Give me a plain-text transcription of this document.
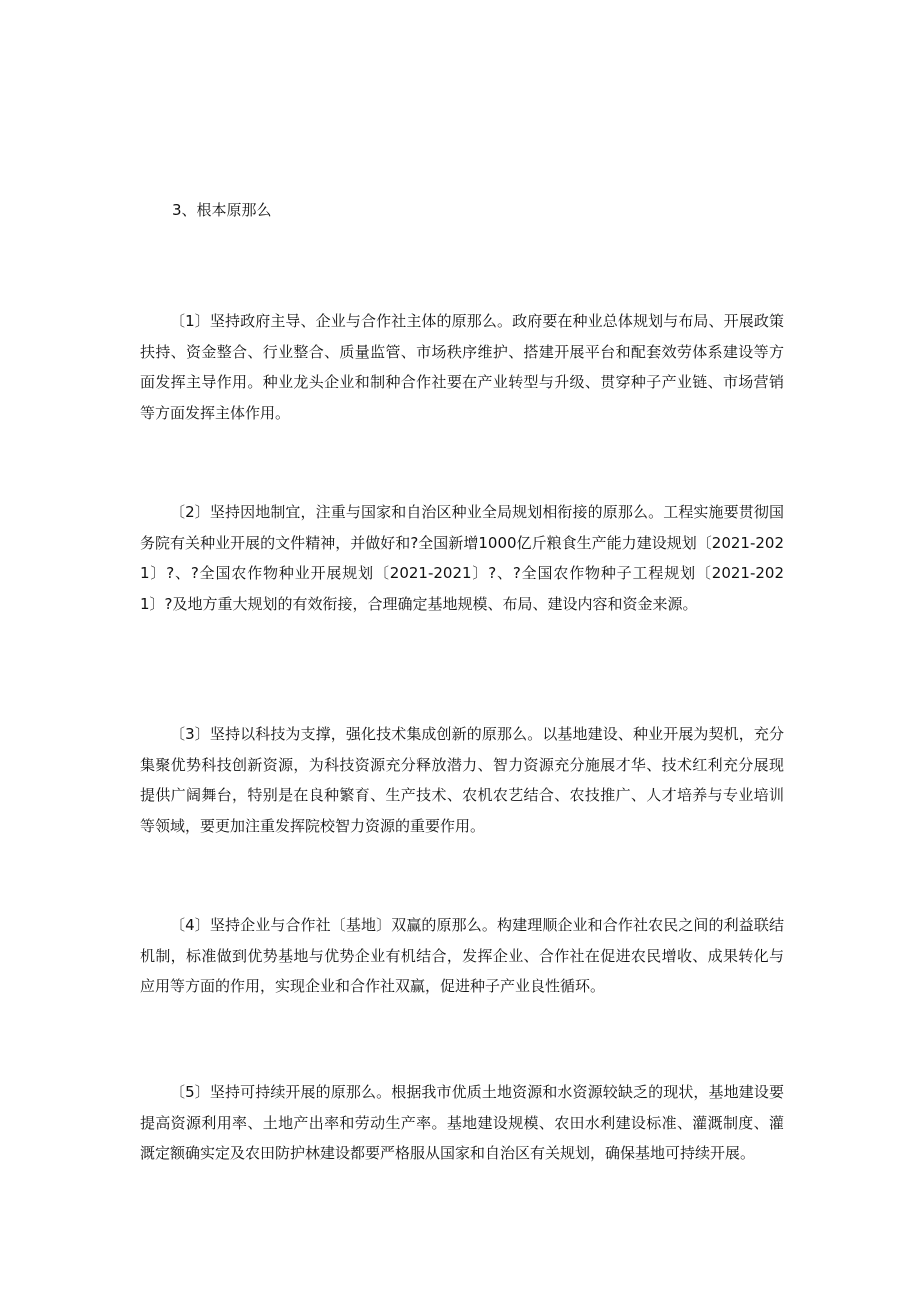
3、根本原那么

〔1〕坚持政府主导、企业与合作社主体的原那么。政府要在种业总体规划与布局、开展政策扶持、资金整合、行业整合、质量监管、市场秩序维护、搭建开展平台和配套效劳体系建设等方面发挥主导作用。种业龙头企业和制种合作社要在产业转型与升级、贯穿种子产业链、市场营销等方面发挥主体作用。

〔2〕坚持因地制宜，注重与国家和自治区种业全局规划相衔接的原那么。工程实施要贯彻国务院有关种业开展的文件精神，并做好和?全国新增1000亿斤粮食生产能力建设规划〔2021-2021〕?、?全国农作物种业开展规划〔2021-2021〕?、?全国农作物种子工程规划〔2021-2021〕?及地方重大规划的有效衔接，合理确定基地规模、布局、建设内容和资金来源。

〔3〕坚持以科技为支撑，强化技术集成创新的原那么。以基地建设、种业开展为契机，充分集聚优势科技创新资源，为科技资源充分释放潜力、智力资源充分施展才华、技术红利充分展现提供广阔舞台，特别是在良种繁育、生产技术、农机农艺结合、农技推广、人才培养与专业培训等领域，要更加注重发挥院校智力资源的重要作用。

〔4〕坚持企业与合作社〔基地〕双赢的原那么。构建理顺企业和合作社农民之间的利益联结机制，标准做到优势基地与优势企业有机结合，发挥企业、合作社在促进农民增收、成果转化与应用等方面的作用，实现企业和合作社双赢，促进种子产业良性循环。

〔5〕坚持可持续开展的原那么。根据我市优质土地资源和水资源较缺乏的现状，基地建设要提高资源利用率、土地产出率和劳动生产率。基地建设规模、农田水利建设标准、灌溉制度、灌溉定额确实定及农田防护林建设都要严格服从国家和自治区有关规划，确保基地可持续开展。
